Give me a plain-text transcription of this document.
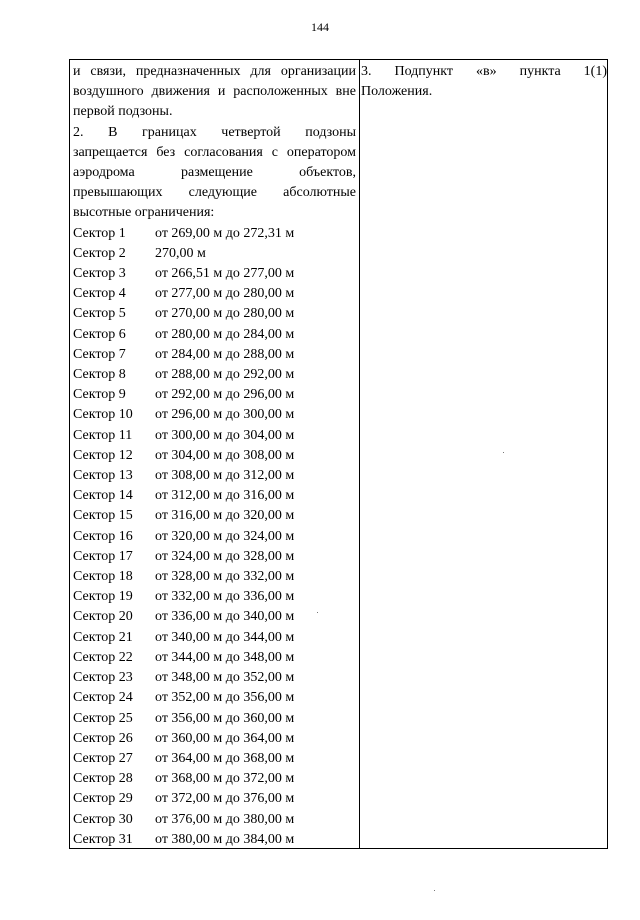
144
и связи, предназначенных для организации
воздушного движения и расположенных вне
первой подзоны.
2. В границах четвертой подзоны
запрещается без согласования с оператором
аэродрома размещение объектов,
превышающих следующие абсолютные
высотные ограничения:
Сектор 1	от 269,00 м до 272,31 м
Сектор 2	270,00 м
Сектор 3	от 266,51 м до 277,00 м
Сектор 4	от 277,00 м до 280,00 м
Сектор 5	от 270,00 м до 280,00 м
Сектор 6	от 280,00 м до 284,00 м
Сектор 7	от 284,00 м до 288,00 м
Сектор 8	от 288,00 м до 292,00 м
Сектор 9	от 292,00 м до 296,00 м
Сектор 10	от 296,00 м до 300,00 м
Сектор 11	от 300,00 м до 304,00 м
Сектор 12	от 304,00 м до 308,00 м
Сектор 13	от 308,00 м до 312,00 м
Сектор 14	от 312,00 м до 316,00 м
Сектор 15	от 316,00 м до 320,00 м
Сектор 16	от 320,00 м до 324,00 м
Сектор 17	от 324,00 м до 328,00 м
Сектор 18	от 328,00 м до 332,00 м
Сектор 19	от 332,00 м до 336,00 м
Сектор 20	от 336,00 м до 340,00 м
Сектор 21	от 340,00 м до 344,00 м
Сектор 22	от 344,00 м до 348,00 м
Сектор 23	от 348,00 м до 352,00 м
Сектор 24	от 352,00 м до 356,00 м
Сектор 25	от 356,00 м до 360,00 м
Сектор 26	от 360,00 м до 364,00 м
Сектор 27	от 364,00 м до 368,00 м
Сектор 28	от 368,00 м до 372,00 м
Сектор 29	от 372,00 м до 376,00 м
Сектор 30	от 376,00 м до 380,00 м
Сектор 31	от 380,00 м до 384,00 м
3. Подпункт «в» пункта 1(1)
Положения.
